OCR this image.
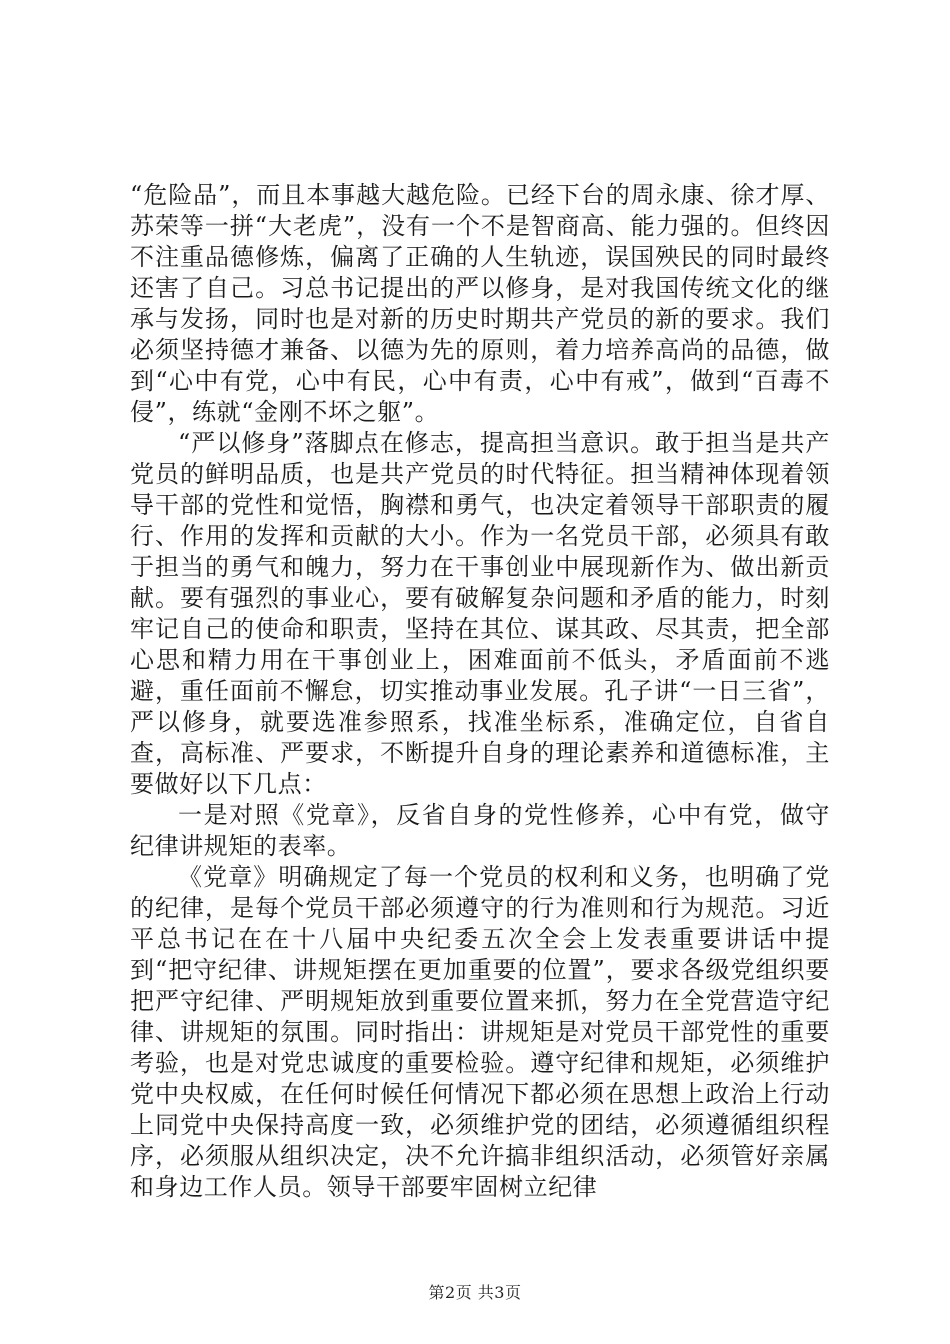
“危险品”，而且本事越大越危险。已经下台的周永康、徐才厚、苏荣等一拼“大老虎”，没有一个不是智商高、能力强的。但终因不注重品德修炼，偏离了正确的人生轨迹，误国殃民的同时最终还害了自己。习总书记提出的严以修身，是对我国传统文化的继承与发扬，同时也是对新的历史时期共产党员的新的要求。我们必须坚持德才兼备、以德为先的原则，着力培养高尚的品德，做到“心中有党，心中有民，心中有责，心中有戒”，做到“百毒不侵”，练就“金刚不坏之躯”。

“严以修身”落脚点在修志，提高担当意识。敢于担当是共产党员的鲜明品质，也是共产党员的时代特征。担当精神体现着领导干部的党性和觉悟，胸襟和勇气，也决定着领导干部职责的履行、作用的发挥和贡献的大小。作为一名党员干部，必须具有敢于担当的勇气和魄力，努力在干事创业中展现新作为、做出新贡献。要有强烈的事业心，要有破解复杂问题和矛盾的能力，时刻牢记自己的使命和职责，坚持在其位、谋其政、尽其责，把全部心思和精力用在干事创业上，困难面前不低头，矛盾面前不逃避，重任面前不懈怠，切实推动事业发展。孔子讲“一日三省”，严以修身，就要选准参照系，找准坐标系，准确定位，自省自查，高标准、严要求，不断提升自身的理论素养和道德标准，主要做好以下几点：

一是对照《党章》，反省自身的党性修养，心中有党，做守纪律讲规矩的表率。

《党章》明确规定了每一个党员的权利和义务，也明确了党的纪律，是每个党员干部必须遵守的行为准则和行为规范。习近平总书记在在十八届中央纪委五次全会上发表重要讲话中提到“把守纪律、讲规矩摆在更加重要的位置”，要求各级党组织要把严守纪律、严明规矩放到重要位置来抓，努力在全党营造守纪律、讲规矩的氛围。同时指出：讲规矩是对党员干部党性的重要考验，也是对党忠诚度的重要检验。遵守纪律和规矩，必须维护党中央权威，在任何时候任何情况下都必须在思想上政治上行动上同党中央保持高度一致，必须维护党的团结，必须遵循组织程序，必须服从组织决定，决不允许搞非组织活动，必须管好亲属和身边工作人员。领导干部要牢固树立纪律

第2页 共3页
